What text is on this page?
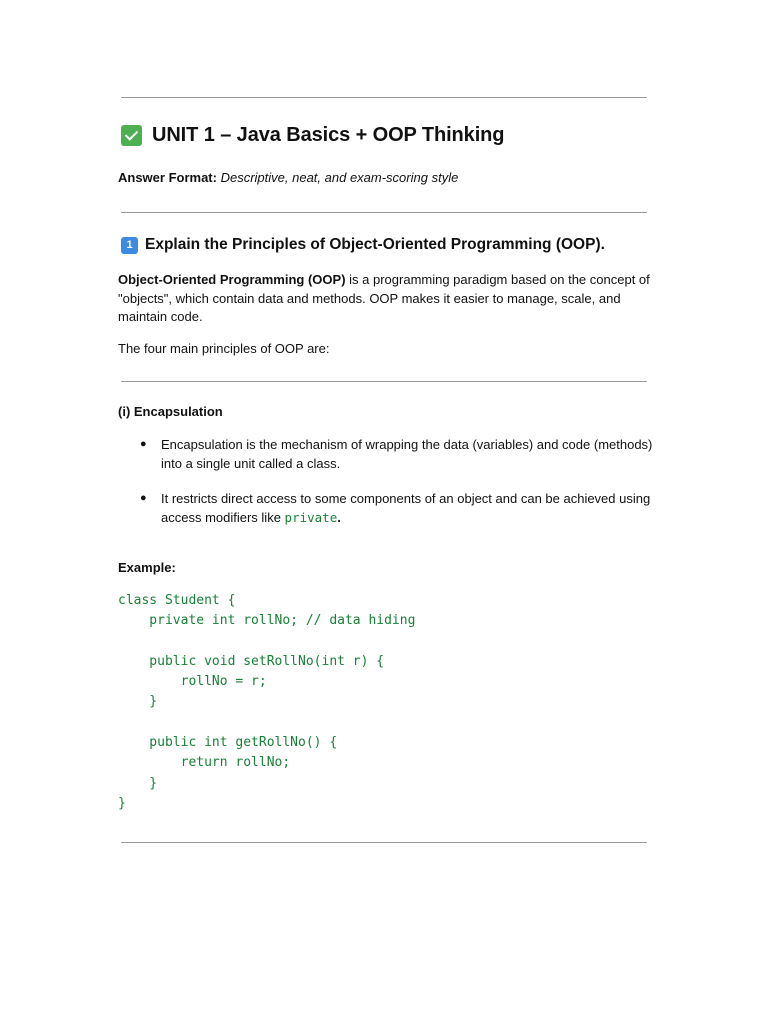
UNIT 1 – Java Basics + OOP Thinking
Answer Format: Descriptive, neat, and exam-scoring style
1 Explain the Principles of Object-Oriented Programming (OOP).
Object-Oriented Programming (OOP) is a programming paradigm based on the concept of "objects", which contain data and methods. OOP makes it easier to manage, scale, and maintain code.
The four main principles of OOP are:
(i) Encapsulation
● Encapsulation is the mechanism of wrapping the data (variables) and code (methods) into a single unit called a class.
● It restricts direct access to some components of an object and can be achieved using access modifiers like private.
Example:
class Student {
private int rollNo; // data hiding

public void setRollNo(int r) {
rollNo = r;
}

public int getRollNo() {
return rollNo;
}
}
